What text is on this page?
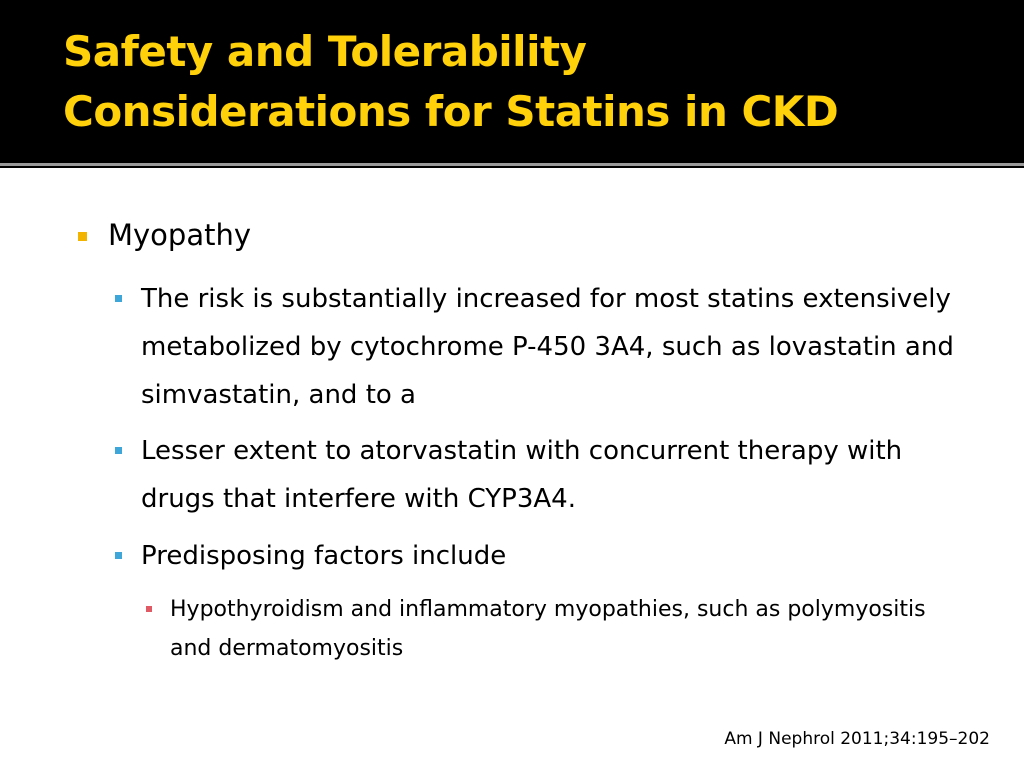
Safety and Tolerability
Considerations for Statins in CKD
Myopathy
The risk is substantially increased for most statins extensively metabolized by cytochrome P-450 3A4, such as lovastatin and simvastatin, and to a
Lesser extent to atorvastatin with concurrent therapy with drugs that interfere with CYP3A4.
Predisposing factors include
Hypothyroidism and inflammatory myopathies, such as polymyositis and dermatomyositis
Am J Nephrol 2011;34:195–202
